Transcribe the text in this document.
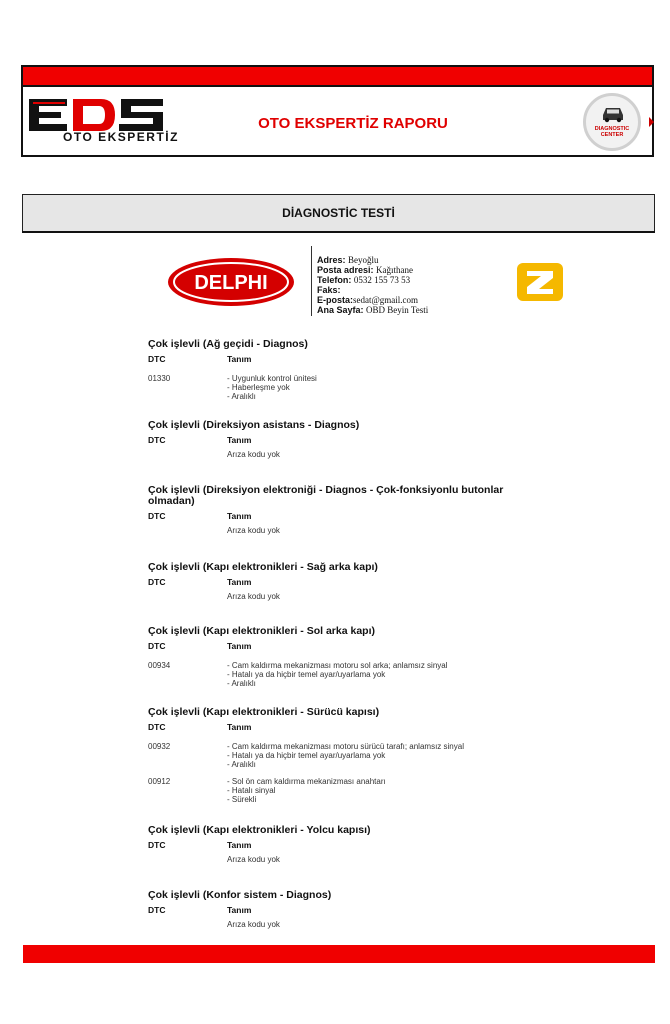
OTO EKSPERTİZ
OTO EKSPERTİZ RAPORU	DIAGNOSTIC
CENTER
DİAGNOSTİC TESTİ
DELPHI
Adres: Beyoğlu
Posta adresi: Kağıthane
Telefon: 0532 155 73 53
Faks:
E-posta:sedat@gmail.com
Ana Sayfa: OBD Beyin Testi
Çok işlevli (Ağ geçidi - Diagnos)
DTC	Tanım
01330	- Uygunluk kontrol ünitesi
- Haberleşme yok
- Aralıklı
Çok işlevli (Direksiyon asistans - Diagnos)
DTC	Tanım
Arıza kodu yok
Çok işlevli (Direksiyon elektroniği - Diagnos - Çok-fonksiyonlu butonlar
olmadan)
DTC	Tanım
Arıza kodu yok
Çok işlevli (Kapı elektronikleri - Sağ arka kapı)
DTC	Tanım
Arıza kodu yok
Çok işlevli (Kapı elektronikleri - Sol arka kapı)
DTC	Tanım
00934	- Cam kaldırma mekanizması motoru sol arka; anlamsız sinyal
- Hatalı ya da hiçbir temel ayar/uyarlama yok
- Aralıklı
Çok işlevli (Kapı elektronikleri - Sürücü kapısı)
DTC	Tanım
00932	- Cam kaldırma mekanizması motoru sürücü tarafı; anlamsız sinyal
- Hatalı ya da hiçbir temel ayar/uyarlama yok
- Aralıklı
00912	- Sol ön cam kaldırma mekanizması anahtarı
- Hatalı sinyal
- Sürekli
Çok işlevli (Kapı elektronikleri - Yolcu kapısı)
DTC	Tanım
Arıza kodu yok
Çok işlevli (Konfor sistem - Diagnos)
DTC	Tanım
Arıza kodu yok
